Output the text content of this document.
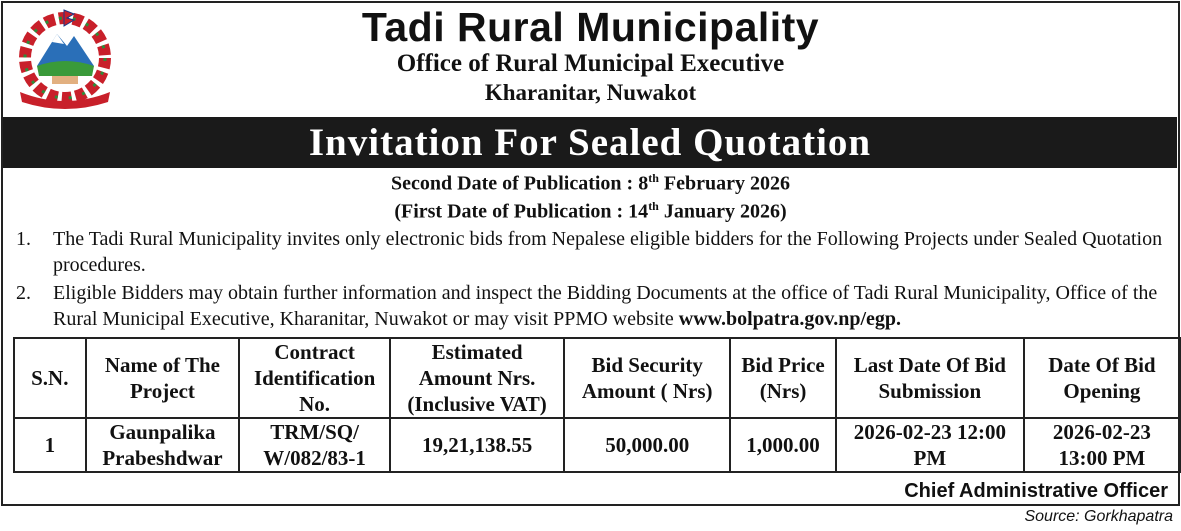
Tadi Rural Municipality
Office of Rural Municipal Executive
Kharanitar, Nuwakot
Invitation For Sealed Quotation
Second Date of Publication : 8th February 2026
(First Date of Publication : 14th January 2026)
1. The Tadi Rural Municipality invites only electronic bids from Nepalese eligible bidders for the Following Projects under Sealed Quotation procedures.
2. Eligible Bidders may obtain further information and inspect the Bidding Documents at the office of Tadi Rural Municipality, Office of the Rural Municipal Executive, Kharanitar, Nuwakot or may visit PPMO website www.bolpatra.gov.np/egp.
S.N.	Name of The Project	Contract Identification No.	Estimated Amount Nrs. (Inclusive VAT)	Bid Security Amount ( Nrs)	Bid Price (Nrs)	Last Date Of Bid Submission	Date Of Bid Opening
1	Gaunpalika Prabeshdwar	TRM/SQ/ W/082/83-1	19,21,138.55	50,000.00	1,000.00	2026-02-23 12:00 PM	2026-02-23 13:00 PM
Chief Administrative Officer
Source: Gorkhapatra
